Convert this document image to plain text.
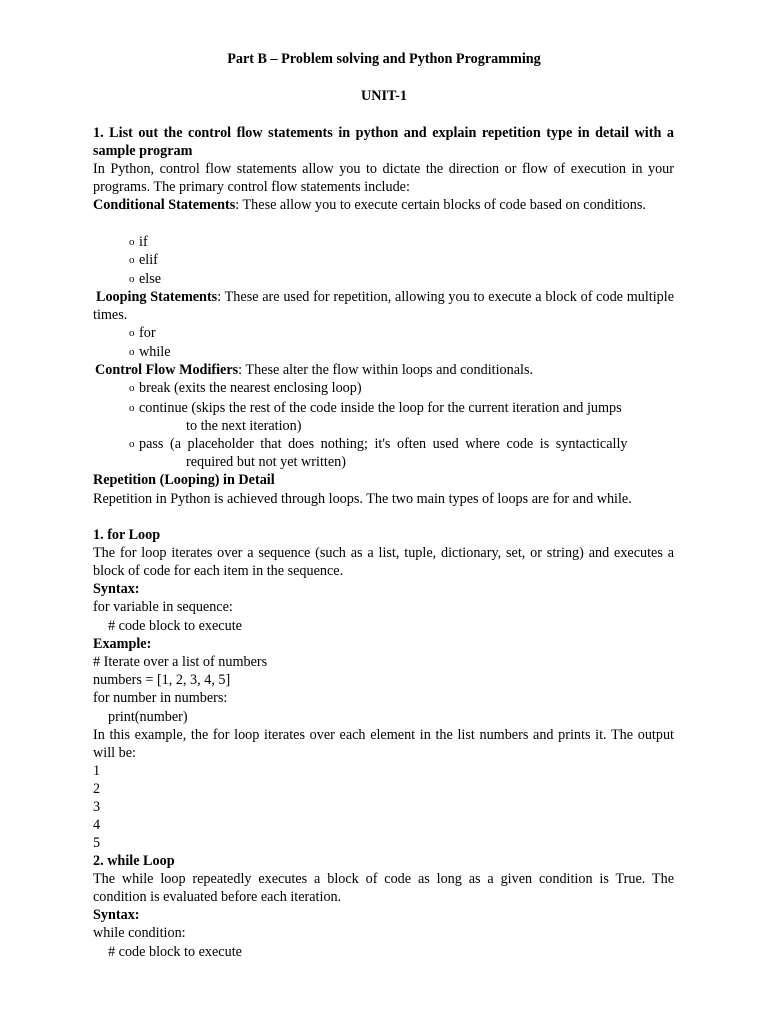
Part B – Problem solving and Python Programming
UNIT-1
1. List out the control flow statements in python and explain repetition type in detail with a sample program
In Python, control flow statements allow you to dictate the direction or flow of execution in your programs. The primary control flow statements include:
Conditional Statements: These allow you to execute certain blocks of code based on conditions.
o if
o elif
o else
Looping Statements: These are used for repetition, allowing you to execute a block of code multiple times.
o for
o while
Control Flow Modifiers: These alter the flow within loops and conditionals.
o break (exits the nearest enclosing loop)
o continue (skips the rest of the code inside the loop for the current iteration and jumps
to the next iteration)
o pass (a placeholder that does nothing; it's often used where code is syntactically
required but not yet written)
Repetition (Looping) in Detail
Repetition in Python is achieved through loops. The two main types of loops are for and while.
1. for Loop
The for loop iterates over a sequence (such as a list, tuple, dictionary, set, or string) and executes a block of code for each item in the sequence.
Syntax:
for variable in sequence:
# code block to execute
Example:
# Iterate over a list of numbers
numbers = [1, 2, 3, 4, 5]
for number in numbers:
print(number)
In this example, the for loop iterates over each element in the list numbers and prints it. The output will be:
1
2
3
4
5
2. while Loop
The while loop repeatedly executes a block of code as long as a given condition is True. The condition is evaluated before each iteration.
Syntax:
while condition:
# code block to execute
